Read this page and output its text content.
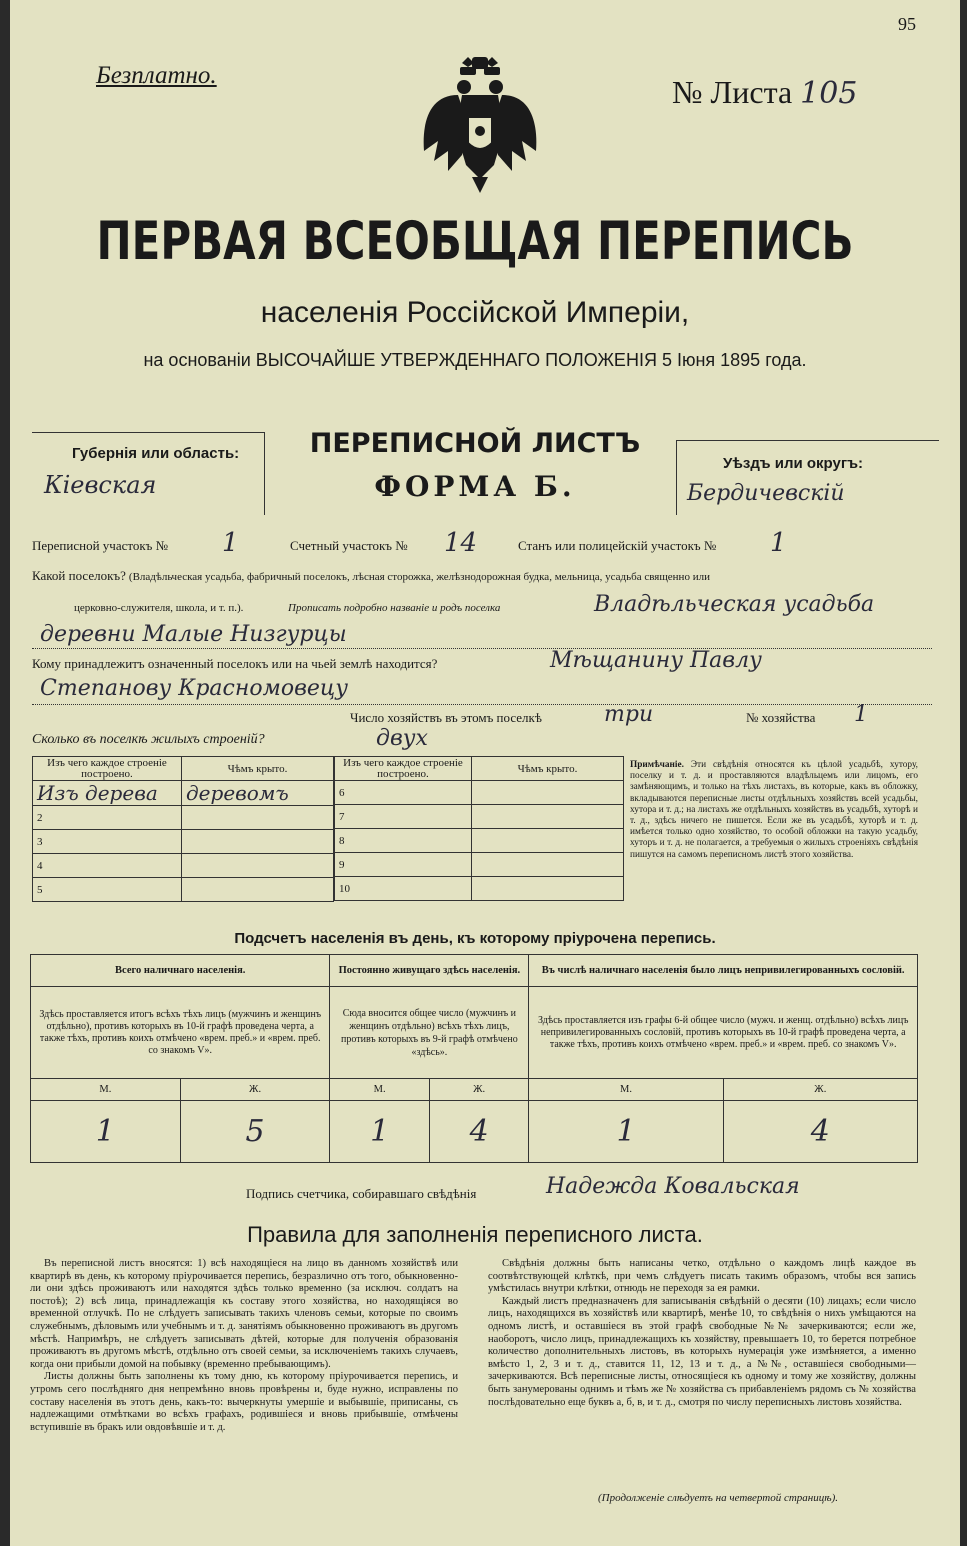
Безплатно.
95
№ Листа 105
ПЕРВАЯ ВСЕОБЩАЯ ПЕРЕПИСЬ
населенія Россійской Имперіи,
на основаніи ВЫСОЧАЙШЕ УТВЕРЖДЕННАГО ПОЛОЖЕНІЯ 5 Іюня 1895 года.
Губернія или область:
Кіевская
ПЕРЕПИСНОЙ ЛИСТЪ
ФОРМА Б.
Уѣздъ или округъ:
Бердичевскій
Переписной участокъ № 1	Счетный участокъ № 14	Станъ или полицейскій участокъ № 1
Какой поселокъ? (Владѣльческая усадьба, фабричный поселокъ, лѣсная сторожка, желѣзнодорожная будка, мельница, усадьба священно или
церковно-служителя, школа, и т. п.).	Прописать подробно названіе и родъ поселка	Владѣльческая усадьба
деревни Малые Низгурцы
Кому принадлежитъ означенный поселокъ или на чьей землѣ находится?	Мѣщанину Павлу
Степанову Красномовецу
Число хозяйствъ въ этомъ поселкѣ	три	№ хозяйства 1
Сколько въ поселкѣ жилыхъ строеній?	двух
Изъ чего каждое строеніе построено.	Чѣмъ крыто.
Изъ дерева	деревомъ
2	
3	
4	
5	
Изъ чего каждое строеніе построено.	Чѣмъ крыто.
6	
7	
8	
9	
10	
Примѣчаніе. Эти свѣдѣнія относятся къ цѣлой усадьбѣ, хутору, поселку и т. д. и проставляются владѣльцемъ или лицомъ, его замѣняющимъ, и только на тѣхъ листахъ, въ которые, какъ въ обложку, вкладываются переписные листы отдѣльныхъ хозяйствъ всей усадьбы, хутора и т. д.; на листахъ же отдѣльныхъ хозяйствъ въ усадьбѣ, хуторѣ и т. д., здѣсь ничего не пишется. Если же въ усадьбѣ, хуторѣ и т. д. имѣется только одно хозяйство, то особой обложки на такую усадьбу, хуторъ и т. д. не полагается, а требуемыя о жилыхъ строеніяхъ свѣдѣнія пишутся на самомъ переписномъ листѣ этого хозяйства.
Подсчетъ населенія въ день, къ которому пріурочена перепись.
Всего наличнаго населенія.		Постоянно живущаго здѣсь населенія.		Въ числѣ наличнаго населенія было лицъ непривилегированныхъ сословій.	
Здѣсь проставляется итогъ всѣхъ тѣхъ лицъ (мужчинъ и женщинъ отдѣльно), противъ которыхъ въ 10-й графѣ проведена черта, а также тѣхъ, противъ коихъ отмѣчено «врем. преб.» и «врем. преб. со знакомъ V».		Сюда вносится общее число (мужчинъ и женщинъ отдѣльно) всѣхъ тѣхъ лицъ, противъ которыхъ въ 9-й графѣ отмѣчено «здѣсь».		Здѣсь проставляется изъ графы 6-й общее число (мужч. и женщ. отдѣльно) всѣхъ лицъ непривилегированныхъ сословій, противъ которыхъ въ 10-й графѣ проведена черта, а также тѣхъ, противъ коихъ отмѣчено «врем. преб.» и «врем. преб. со знакомъ V».	
М.	Ж.	М.	Ж.	М.	Ж.
1	5	1	4	1	4
Подпись счетчика, собиравшаго свѣдѣнія	Надежда Ковальская
Правила для заполненія переписного листа.

Въ переписной листъ вносятся: 1) всѣ находящіеся на лицо въ данномъ хозяйствѣ или квартирѣ въ день, къ которому пріурочивается перепись, безразлично отъ того, обыкновенно-ли они здѣсь проживаютъ или находятся здѣсь только временно (за исключ. солдатъ на постоѣ); 2) всѣ лица, принадлежащія къ составу этого хозяйства, но находящіяся во временной отлучкѣ. По не слѣдуетъ записывать такихъ членовъ семьи, которые по своимъ служебнымъ, дѣловымъ или учебнымъ и т. д. занятіямъ обыкновенно проживаютъ въ другомъ мѣстѣ. Напримѣръ, не слѣдуетъ записывать дѣтей, которые для полученія образованія проживаютъ въ другомъ мѣстѣ, отдѣльно отъ своей семьи, за исключеніемъ такихъ случаевъ, когда они прибыли домой на побывку (временно пребывающимъ).

Листы должны быть заполнены къ тому дню, къ которому пріурочивается перепись, и утромъ сего послѣдняго дня непремѣнно вновь провѣрены и, буде нужно, исправлены по составу населенія въ этотъ день, какъ-то: вычеркнуты умершіе и выбывшіе, приписаны, съ надлежащими отмѣтками во всѣхъ графахъ, родившіеся и вновь прибывшіе, отмѣчены вступившіе въ бракъ или овдовѣвшіе и т. д.

Свѣдѣнія должны быть написаны четко, отдѣльно о каждомъ лицѣ каждое въ соотвѣтствующей клѣткѣ, при чемъ слѣдуетъ писать такимъ образомъ, чтобы вся запись умѣстилась внутри клѣтки, отнюдь не переходя за ея рамки.

Каждый листъ предназначенъ для записыванія свѣдѣній о десяти (10) лицахъ; если число лицъ, находящихся въ хозяйствѣ или квартирѣ, менѣе 10, то свѣдѣнія о нихъ умѣщаются на одномъ листѣ, и оставшіеся въ этой графѣ свободные №№ зачеркиваются; если же, наоборотъ, число лицъ, принадлежащихъ къ хозяйству, превышаетъ 10, то берется потребное количество дополнительныхъ листовъ, въ которыхъ нумерація уже измѣняется, а именно вмѣсто 1, 2, 3 и т. д., ставится 11, 12, 13 и т. д., а №№, оставшіеся свободными—зачеркиваются. Всѣ переписные листы, относящіеся къ одному и тому же хозяйству, должны быть занумерованы однимъ и тѣмъ же № хозяйства съ прибавленіемъ рядомъ съ № хозяйства послѣдовательно еще буквъ а, б, в, и т. д., смотря по числу переписныхъ листовъ хозяйства.

(Продолженіе слѣдуетъ на четвертой страницѣ).
